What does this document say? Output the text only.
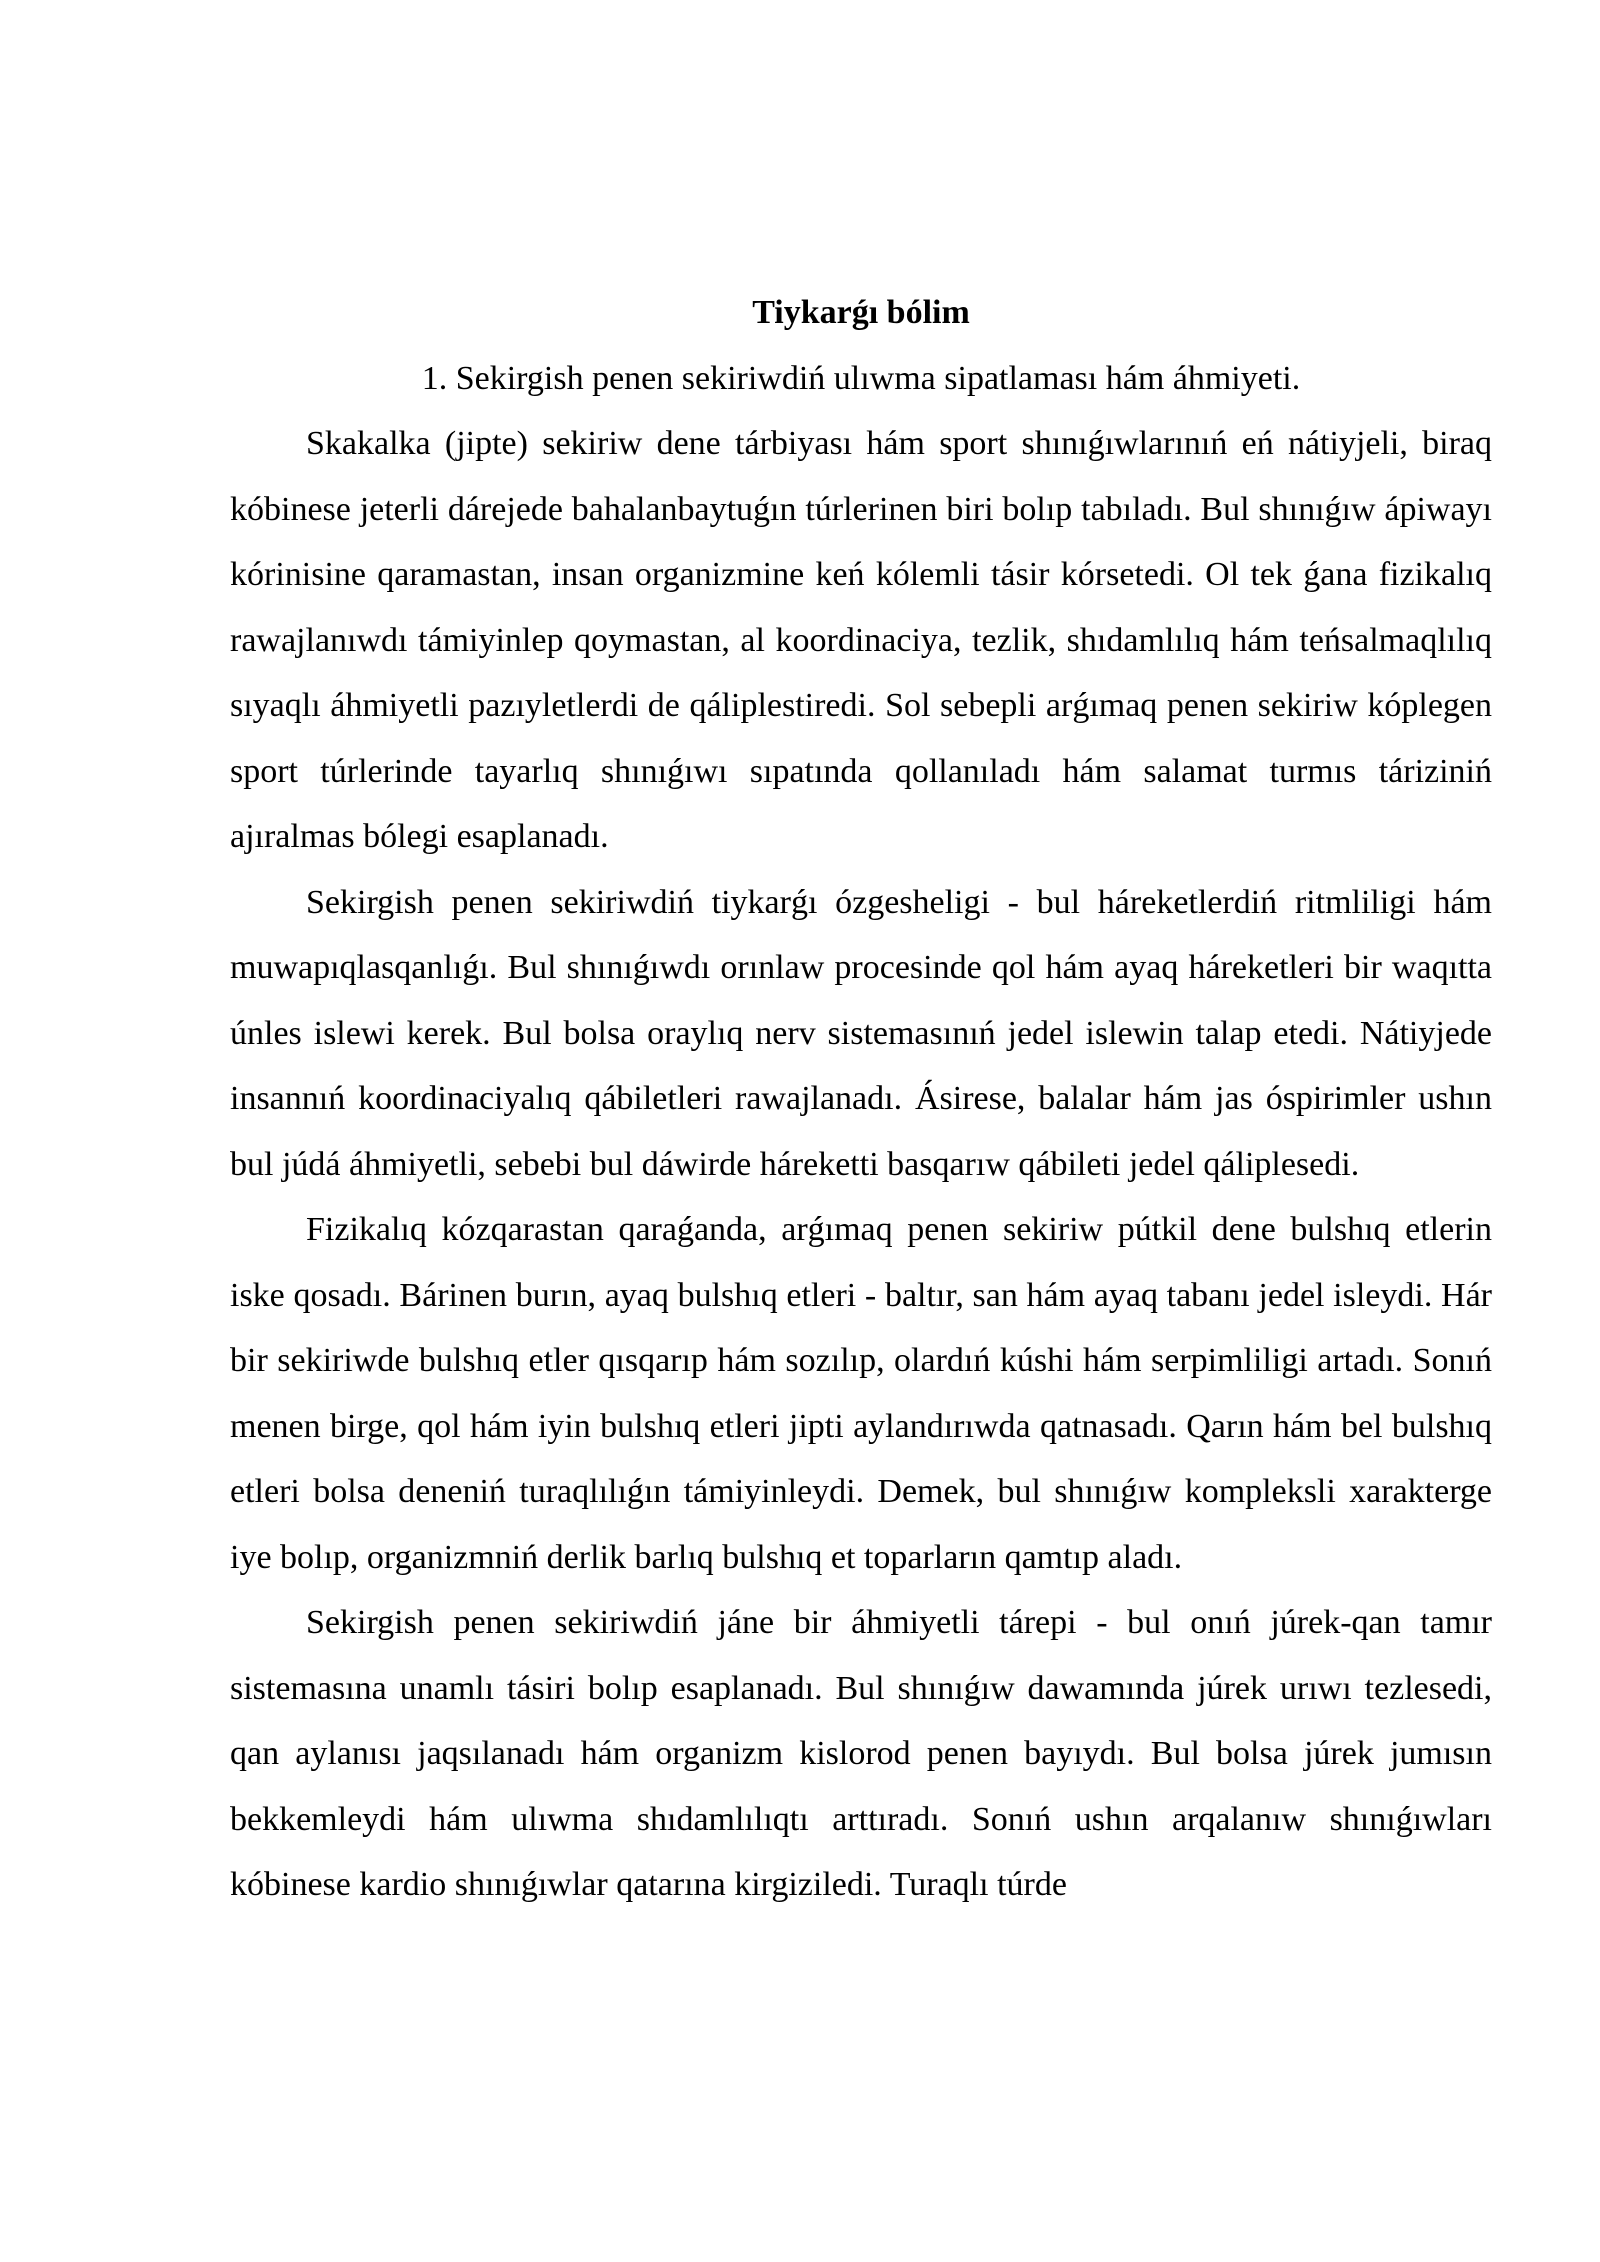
Tiykarǵı bólim
1. Sekirgish penen sekiriwdiń ulıwma sipatlaması hám áhmiyeti.

Skakalka (jipte) sekiriw dene tárbiyası hám sport shınıǵıwlarınıń eń nátiyjeli, biraq kóbinese jeterli dárejede bahalanbaytuǵın túrlerinen biri bolıp tabıladı. Bul shınıǵıw ápiwayı kórinisine qaramastan, insan organizmine keń kólemli tásir kórsetedi. Ol tek ǵana fizikalıq rawajlanıwdı támiyinlep qoymastan, al koordinaciya, tezlik, shıdamlılıq hám teńsalmaqlılıq sıyaqlı áhmiyetli pazıyletlerdi de qáliplestiredi. Sol sebepli arǵımaq penen sekiriw kóplegen sport túrlerinde tayarlıq shınıǵıwı sıpatında qollanıladı hám salamat turmıs táriziniń ajıralmas bólegi esaplanadı.

Sekirgish penen sekiriwdiń tiykarǵı ózgesheligi - bul háreketlerdiń ritmliligi hám muwapıqlasqanlıǵı. Bul shınıǵıwdı orınlaw procesinde qol hám ayaq háreketleri bir waqıtta únles islewi kerek. Bul bolsa oraylıq nerv sistemasınıń jedel islewin talap etedi. Nátiyjede insannıń koordinaciyalıq qábiletleri rawajlanadı. Ásirese, balalar hám jas óspirimler ushın bul júdá áhmiyetli, sebebi bul dáwirde háreketti basqarıw qábileti jedel qáliplesedi.

Fizikalıq kózqarastan qaraǵanda, arǵımaq penen sekiriw pútkil dene bulshıq etlerin iske qosadı. Bárinen burın, ayaq bulshıq etleri - baltır, san hám ayaq tabanı jedel isleydi. Hár bir sekiriwde bulshıq etler qısqarıp hám sozılıp, olardıń kúshi hám serpimliligi artadı. Sonıń menen birge, qol hám iyin bulshıq etleri jipti aylandırıwda qatnasadı. Qarın hám bel bulshıq etleri bolsa deneniń turaqlılıǵın támiyinleydi. Demek, bul shınıǵıw kompleksli xarakterge iye bolıp, organizmniń derlik barlıq bulshıq et toparların qamtıp aladı.

Sekirgish penen sekiriwdiń jáne bir áhmiyetli tárepi - bul onıń júrek-qan tamır sistemasına unamlı tásiri bolıp esaplanadı. Bul shınıǵıw dawamında júrek urıwı tezlesedi, qan aylanısı jaqsılanadı hám organizm kislorod penen bayıydı. Bul bolsa júrek jumısın bekkemleydi hám ulıwma shıdamlılıqtı arttıradı. Sonıń ushın arqalanıw shınıǵıwları kóbinese kardio shınıǵıwlar qatarına kirgiziledi. Turaqlı túrde
